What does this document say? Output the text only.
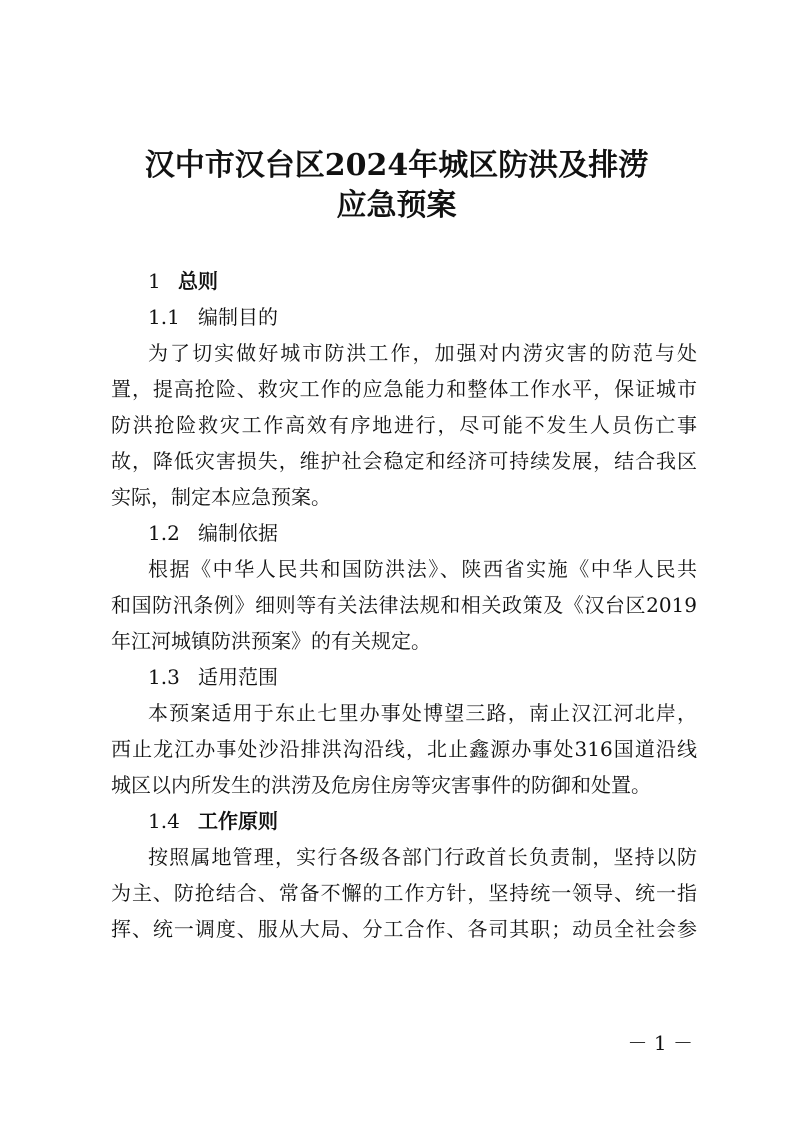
汉中市汉台区2024年城区防洪及排涝
应急预案
1 总则
1.1 编制目的
为了切实做好城市防洪工作，加强对内涝灾害的防范与处
置，提高抢险、救灾工作的应急能力和整体工作水平，保证城市
防洪抢险救灾工作高效有序地进行，尽可能不发生人员伤亡事
故，降低灾害损失，维护社会稳定和经济可持续发展，结合我区
实际，制定本应急预案。
1.2 编制依据
根据《中华人民共和国防洪法》、陕西省实施《中华人民共
和国防汛条例》细则等有关法律法规和相关政策及《汉台区2019
年江河城镇防洪预案》的有关规定。
1.3 适用范围
本预案适用于东止七里办事处博望三路，南止汉江河北岸，
西止龙江办事处沙沿排洪沟沿线，北止鑫源办事处316国道沿线
城区以内所发生的洪涝及危房住房等灾害事件的防御和处置。
1.4 工作原则
按照属地管理，实行各级各部门行政首长负责制，坚持以防
为主、防抢结合、常备不懈的工作方针，坚持统一领导、统一指
挥、统一调度、服从大局、分工合作、各司其职；动员全社会参
－ 1 －
